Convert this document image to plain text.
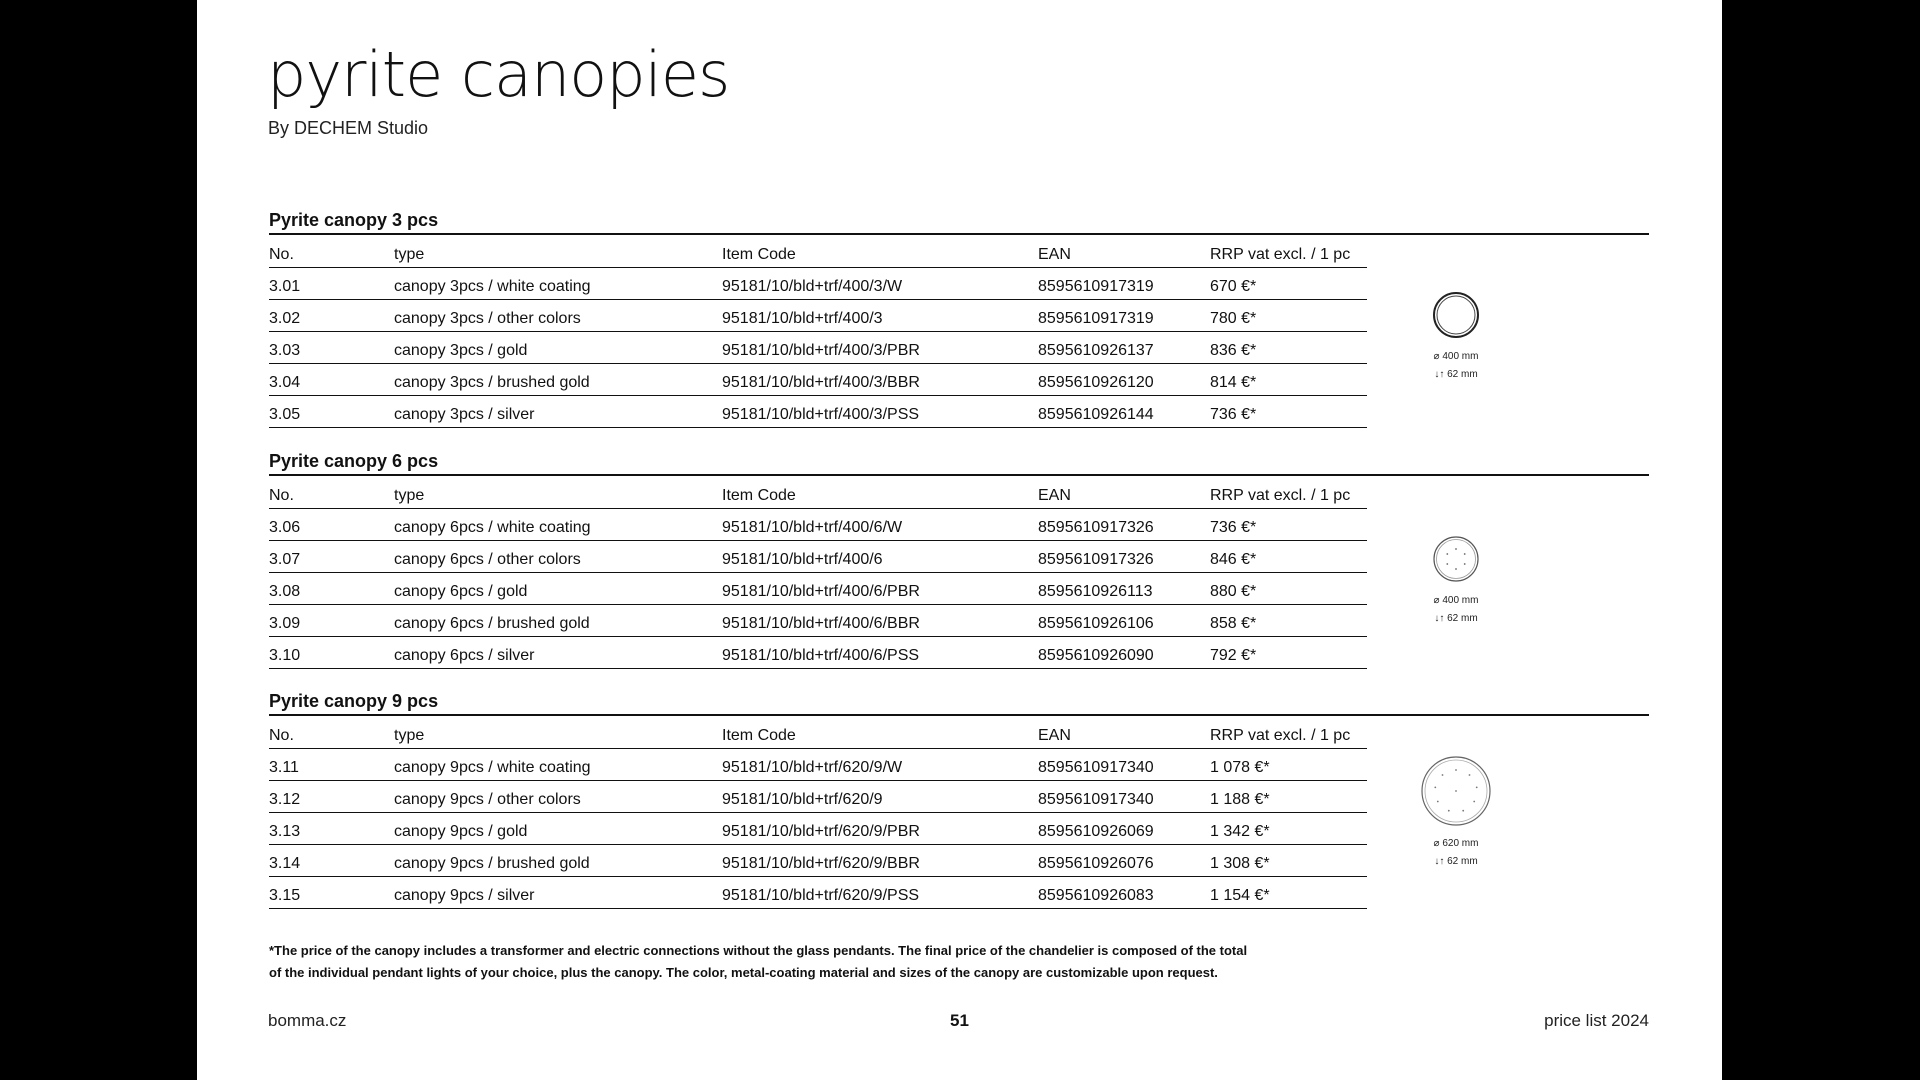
pyrite canopies
By DECHEM Studio
Pyrite canopy 3 pcs
No.	type	Item Code	EAN	RRP vat excl. / 1 pc
3.01	canopy 3pcs / white coating	95181/10/bld+trf/400/3/W	8595610917319	670 €*
3.02	canopy 3pcs / other colors	95181/10/bld+trf/400/3	8595610917319	780 €*
3.03	canopy 3pcs / gold	95181/10/bld+trf/400/3/PBR	8595610926137	836 €*
3.04	canopy 3pcs / brushed gold	95181/10/bld+trf/400/3/BBR	8595610926120	814 €*
3.05	canopy 3pcs / silver	95181/10/bld+trf/400/3/PSS	8595610926144	736 €*
⌀ 400 mm
↓↑ 62 mm
Pyrite canopy 6 pcs
No.	type	Item Code	EAN	RRP vat excl. / 1 pc
3.06	canopy 6pcs / white coating	95181/10/bld+trf/400/6/W	8595610917326	736 €*
3.07	canopy 6pcs / other colors	95181/10/bld+trf/400/6	8595610917326	846 €*
3.08	canopy 6pcs / gold	95181/10/bld+trf/400/6/PBR	8595610926113	880 €*
3.09	canopy 6pcs / brushed gold	95181/10/bld+trf/400/6/BBR	8595610926106	858 €*
3.10	canopy 6pcs / silver	95181/10/bld+trf/400/6/PSS	8595610926090	792 €*
⌀ 400 mm
↓↑ 62 mm
Pyrite canopy 9 pcs
No.	type	Item Code	EAN	RRP vat excl. / 1 pc
3.11	canopy 9pcs / white coating	95181/10/bld+trf/620/9/W	8595610917340	1 078 €*
3.12	canopy 9pcs / other colors	95181/10/bld+trf/620/9	8595610917340	1 188 €*
3.13	canopy 9pcs / gold	95181/10/bld+trf/620/9/PBR	8595610926069	1 342 €*
3.14	canopy 9pcs / brushed gold	95181/10/bld+trf/620/9/BBR	8595610926076	1 308 €*
3.15	canopy 9pcs / silver	95181/10/bld+trf/620/9/PSS	8595610926083	1 154 €*
⌀ 620 mm
↓↑ 62 mm
*The price of the canopy includes a transformer and electric connections without the glass pendants. The final price of the chandelier is composed of the total
of the individual pendant lights of your choice, plus the canopy. The color, metal-coating material and sizes of the canopy are customizable upon request.
bomma.cz	51	price list 2024
